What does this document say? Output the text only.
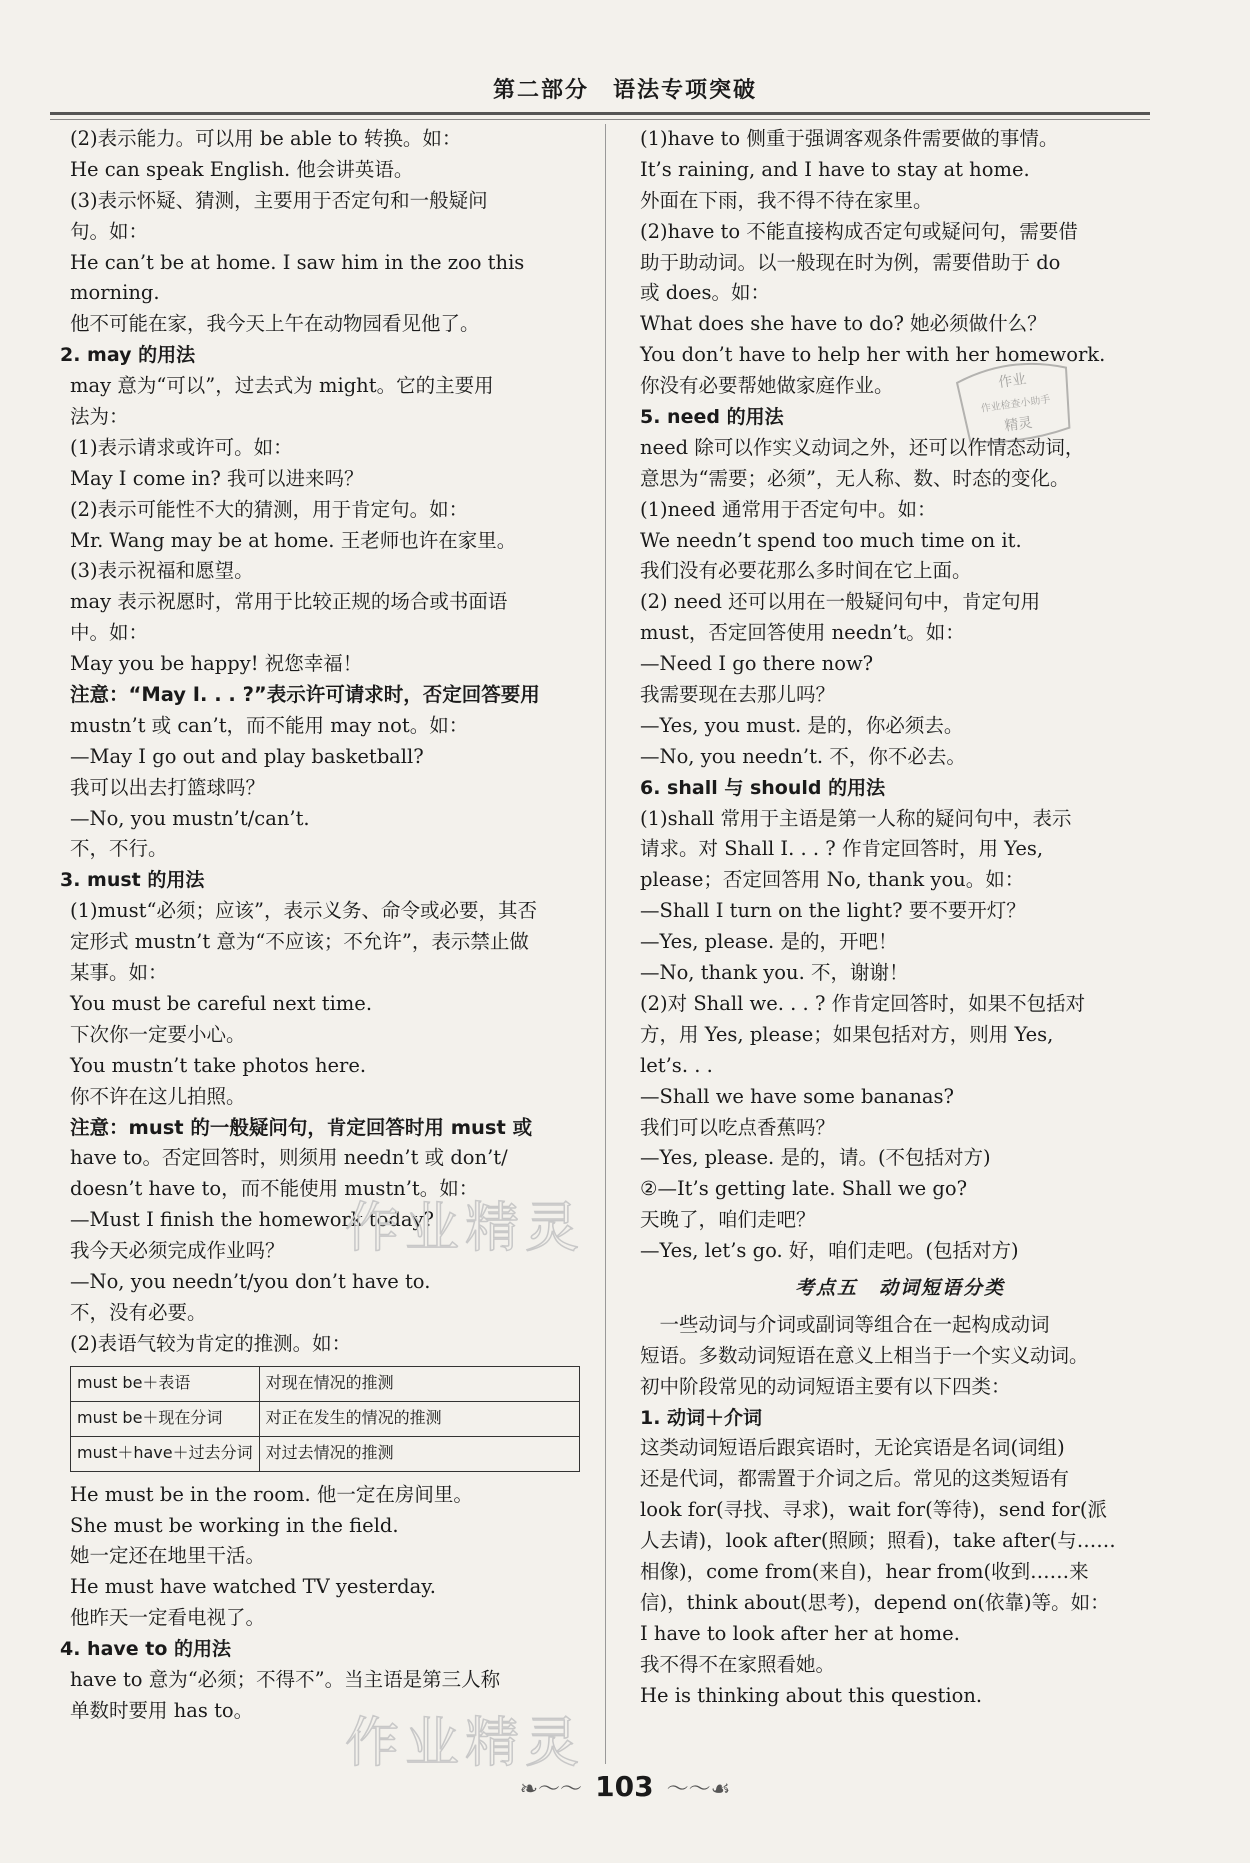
第二部分　语法专项突破
(2)表示能力。可以用 be able to 转换。如：
He can speak English. 他会讲英语。
(3)表示怀疑、猜测，主要用于否定句和一般疑问
句。如：
He can’t be at home. I saw him in the zoo this
morning.
他不可能在家，我今天上午在动物园看见他了。
2. may 的用法
may 意为“可以”，过去式为 might。它的主要用
法为：
(1)表示请求或许可。如：
May I come in? 我可以进来吗？
(2)表示可能性不大的猜测，用于肯定句。如：
Mr. Wang may be at home. 王老师也许在家里。
(3)表示祝福和愿望。
may 表示祝愿时，常用于比较正规的场合或书面语
中。如：
May you be happy! 祝您幸福！
注意：“May I. . . ?”表示许可请求时，否定回答要用
mustn’t 或 can’t，而不能用 may not。如：
—May I go out and play basketball?
我可以出去打篮球吗？
—No, you mustn’t/can’t.
不，不行。
3. must 的用法
(1)must“必须；应该”，表示义务、命令或必要，其否
定形式 mustn’t 意为“不应该；不允许”，表示禁止做
某事。如：
You must be careful next time.
下次你一定要小心。
You mustn’t take photos here.
你不许在这儿拍照。
注意：must 的一般疑问句，肯定回答时用 must 或
have to。否定回答时，则须用 needn’t 或 don’t/
doesn’t have to，而不能使用 mustn’t。如：
—Must I finish the homework today?
我今天必须完成作业吗？
—No, you needn’t/you don’t have to.
不，没有必要。
(2)表语气较为肯定的推测。如：
must be＋表语	对现在情况的推测
must be＋现在分词	对正在发生的情况的推测
must＋have＋过去分词	对过去情况的推测
He must be in the room. 他一定在房间里。
She must be working in the field.
她一定还在地里干活。
He must have watched TV yesterday.
他昨天一定看电视了。
4. have to 的用法
have to 意为“必须；不得不”。当主语是第三人称
单数时要用 has to。
(1)have to 侧重于强调客观条件需要做的事情。
It’s raining, and I have to stay at home.
外面在下雨，我不得不待在家里。
(2)have to 不能直接构成否定句或疑问句，需要借
助于助动词。以一般现在时为例，需要借助于 do
或 does。如：
What does she have to do? 她必须做什么？
You don’t have to help her with her homework.
你没有必要帮她做家庭作业。
5. need 的用法
need 除可以作实义动词之外，还可以作情态动词，
意思为“需要；必须”，无人称、数、时态的变化。
(1)need 通常用于否定句中。如：
We needn’t spend too much time on it.
我们没有必要花那么多时间在它上面。
(2) need 还可以用在一般疑问句中，肯定句用
must，否定回答使用 needn’t。如：
—Need I go there now?
我需要现在去那儿吗？
—Yes, you must. 是的，你必须去。
—No, you needn’t. 不，你不必去。
6. shall 与 should 的用法
(1)shall 常用于主语是第一人称的疑问句中，表示
请求。对 Shall I. . . ? 作肯定回答时，用 Yes,
please；否定回答用 No, thank you。如：
—Shall I turn on the light? 要不要开灯？
—Yes, please. 是的，开吧！
—No, thank you. 不，谢谢！
(2)对 Shall we. . . ? 作肯定回答时，如果不包括对
方，用 Yes, please；如果包括对方，则用 Yes,
let’s. . .
—Shall we have some bananas?
我们可以吃点香蕉吗？
—Yes, please. 是的，请。(不包括对方)
②—It’s getting late. Shall we go?
天晚了，咱们走吧？
—Yes, let’s go. 好，咱们走吧。(包括对方)
考点五　动词短语分类
　一些动词与介词或副词等组合在一起构成动词
短语。多数动词短语在意义上相当于一个实义动词。
初中阶段常见的动词短语主要有以下四类：
1. 动词＋介词
这类动词短语后跟宾语时，无论宾语是名词(词组)
还是代词，都需置于介词之后。常见的这类短语有
look for(寻找、寻求)，wait for(等待)，send for(派
人去请)，look after(照顾；照看)，take after(与……
相像)，come from(来自)，hear from(收到……来
信)，think about(思考)，depend on(依靠)等。如：
I have to look after her at home.
我不得不在家照看她。
He is thinking about this question.
作业
作业检查小助手
精灵
作业精灵
作业精灵
❧～～ 103 ～～☙
